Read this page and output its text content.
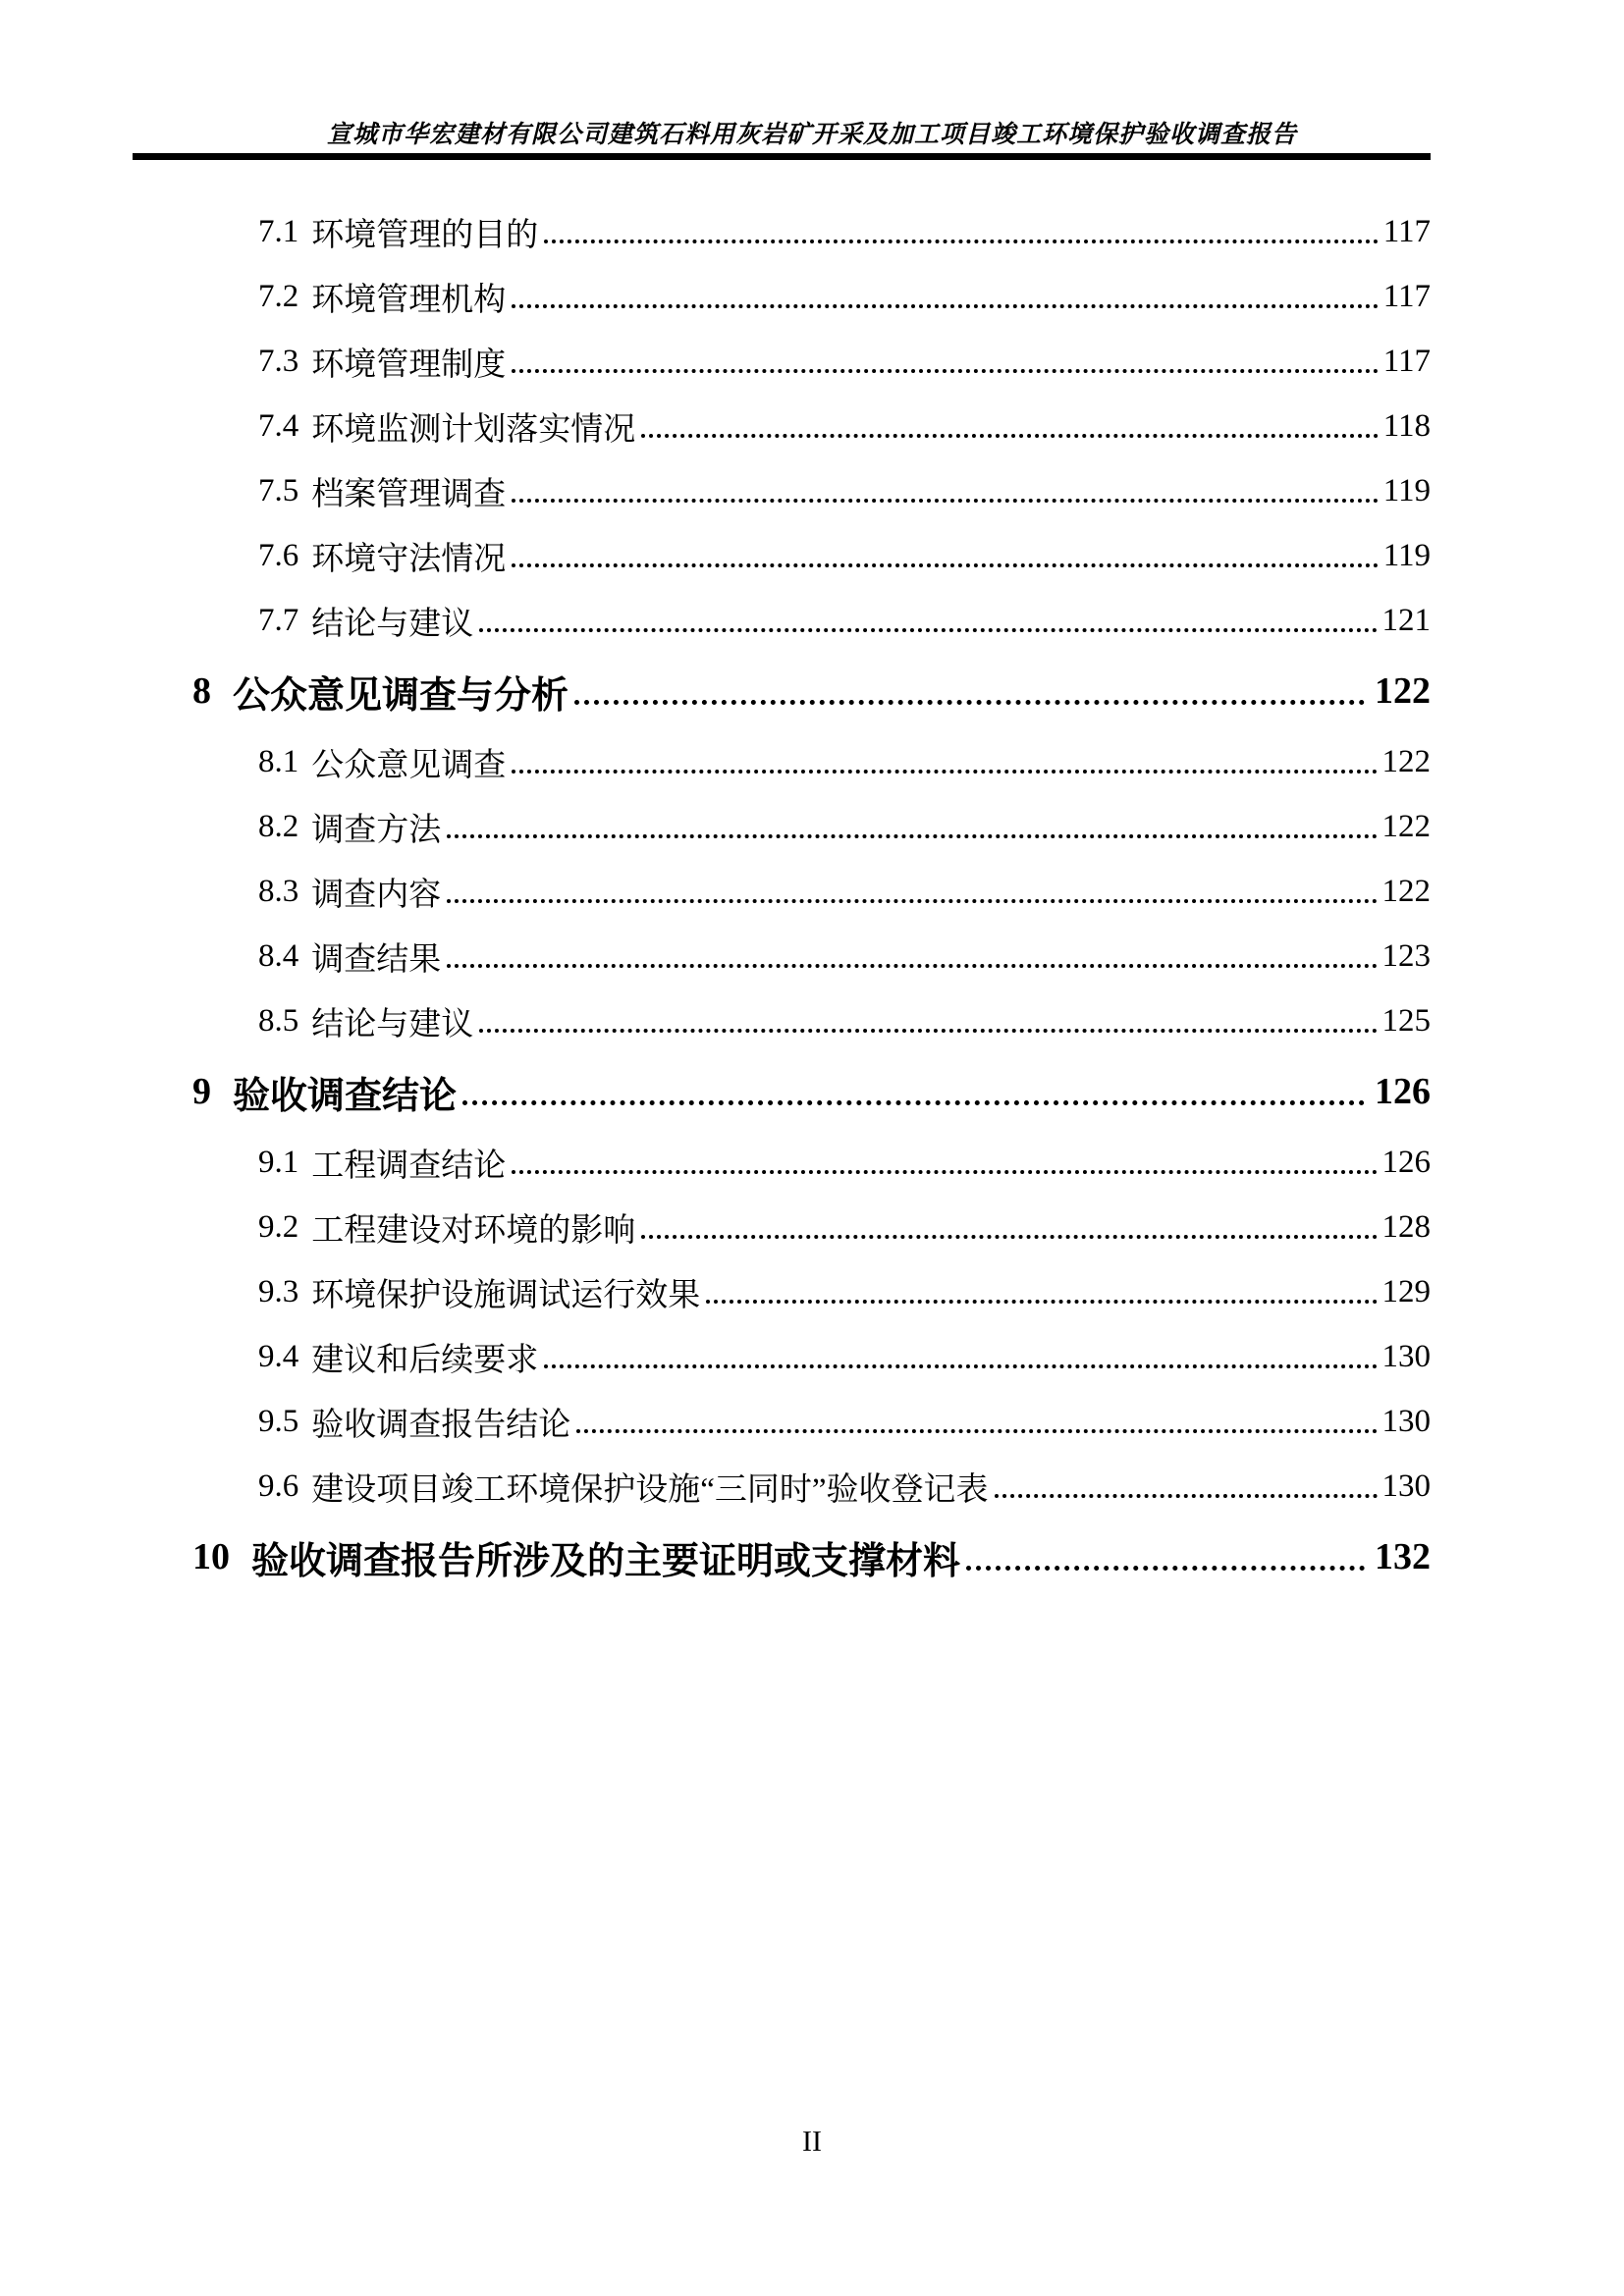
宣城市华宏建材有限公司建筑石料用灰岩矿开采及加工项目竣工环境保护验收调查报告
7.1 环境管理的目的	117
7.2 环境管理机构	117
7.3 环境管理制度	117
7.4 环境监测计划落实情况	118
7.5 档案管理调查	119
7.6 环境守法情况	119
7.7 结论与建议	121
8 公众意见调查与分析	122
8.1 公众意见调查	122
8.2 调查方法	122
8.3 调查内容	122
8.4 调查结果	123
8.5 结论与建议	125
9 验收调查结论	126
9.1 工程调查结论	126
9.2 工程建设对环境的影响	128
9.3 环境保护设施调试运行效果	129
9.4 建议和后续要求	130
9.5 验收调查报告结论	130
9.6 建设项目竣工环境保护设施“三同时”验收登记表	130
10 验收调查报告所涉及的主要证明或支撑材料	132
II
